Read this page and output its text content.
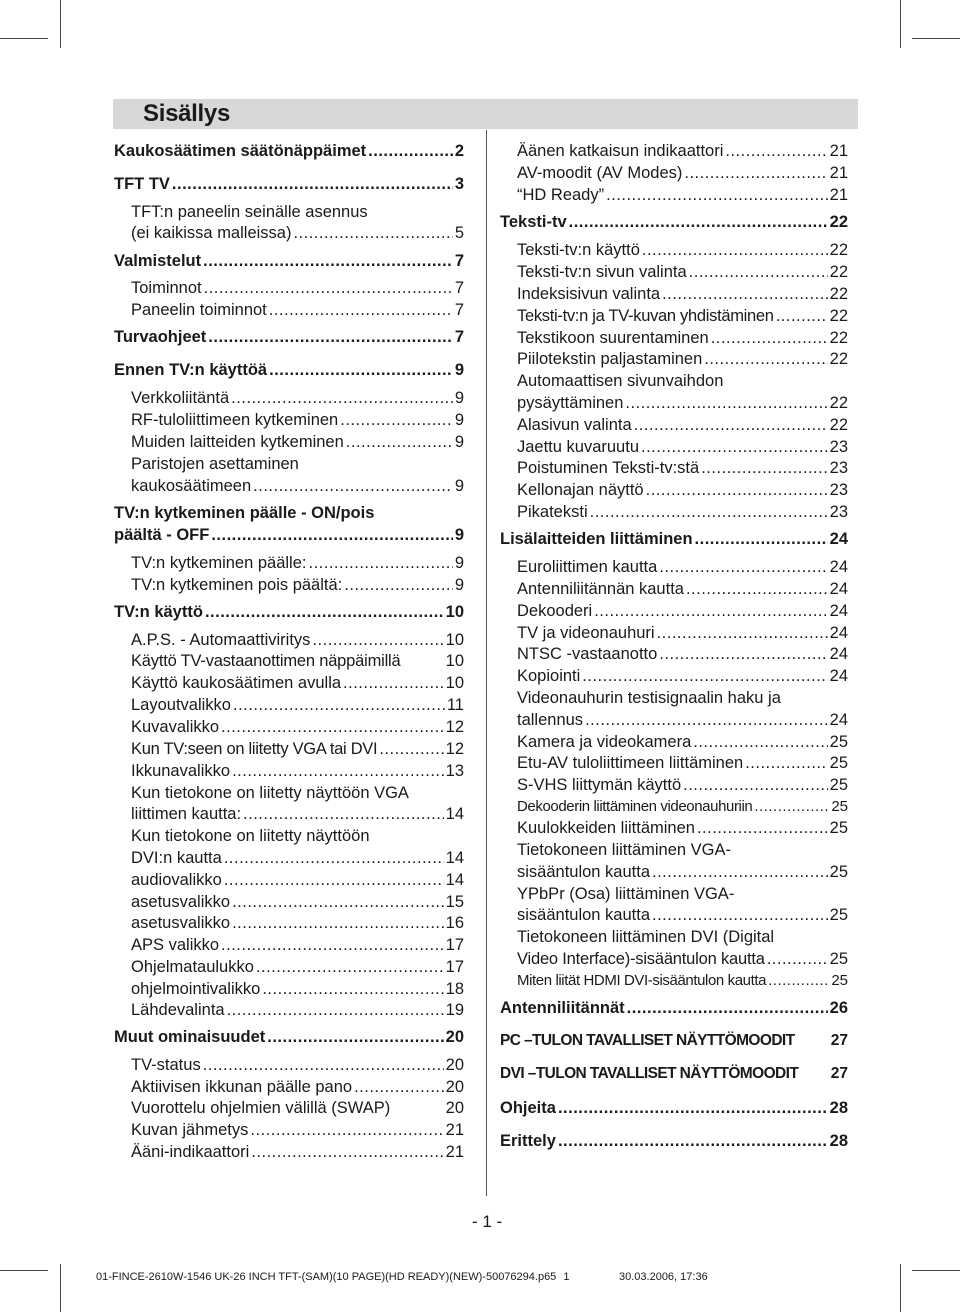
Sisällys
Kaukosäätimen säätönäppäimet .....	2
TFT TV .....	3
TFT:n paneelin seinälle asennus
(ei kaikissa malleissa) .....	5
Valmistelut .....	7
Toiminnot .....	7
Paneelin toiminnot .....	7
Turvaohjeet .....	7
Ennen TV:n käyttöä .....	9
Verkkoliitäntä .....	9
RF-tuloliittimeen kytkeminen .....	9
Muiden laitteiden kytkeminen .....	9
Paristojen asettaminen
kaukosäätimeen .....	9
TV:n kytkeminen päälle - ON/pois
päältä - OFF .....	9
TV:n kytkeminen päälle: .....	9
TV:n kytkeminen pois päältä: .....	9
TV:n käyttö .....	10
A.P.S. - Automaattiviritys .....	10
Käyttö TV-vastaanottimen näppäimillä	10
Käyttö kaukosäätimen avulla .....	10
Layoutvalikko .....	11
Kuvavalikko .....	12
Kun TV:seen on liitetty VGA tai DVI .....	12
Ikkunavalikko .....	13
Kun tietokone on liitetty näyttöön VGA
liittimen kautta: .....	14
Kun tietokone on liitetty näyttöön
DVI:n kautta .....	14
audiovalikko .....	14
asetusvalikko .....	15
asetusvalikko .....	16
APS valikko .....	17
Ohjelmataulukko .....	17
ohjelmointivalikko .....	18
Lähdevalinta .....	19
Muut ominaisuudet .....	20
TV-status .....	20
Aktiivisen ikkunan päälle pano .....	20
Vuorottelu ohjelmien välillä (SWAP)	20
Kuvan jähmetys .....	21
Ääni-indikaattori .....	21
Äänen katkaisun indikaattori .....	21
AV-moodit (AV Modes) .....	21
“HD Ready” .....	21
Teksti-tv .....	22
Teksti-tv:n käyttö .....	22
Teksti-tv:n sivun valinta .....	22
Indeksisivun valinta .....	22
Teksti-tv:n ja TV-kuvan yhdistäminen .....	22
Tekstikoon suurentaminen .....	22
Piilotekstin paljastaminen .....	22
Automaattisen sivunvaihdon
pysäyttäminen .....	22
Alasivun valinta .....	22
Jaettu kuvaruutu .....	23
Poistuminen Teksti-tv:stä .....	23
Kellonajan näyttö .....	23
Pikateksti .....	23
Lisälaitteiden liittäminen .....	24
Euroliittimen kautta .....	24
Antenniliitännän kautta .....	24
Dekooderi .....	24
TV ja videonauhuri .....	24
NTSC -vastaanotto .....	24
Kopiointi .....	24
Videonauhurin testisignaalin haku ja
tallennus .....	24
Kamera ja videokamera .....	25
Etu-AV tuloliittimeen liittäminen .....	25
S-VHS liittymän käyttö .....	25
Dekooderin liittäminen videonauhuriin .....	25
Kuulokkeiden liittäminen .....	25
Tietokoneen liittäminen VGA-
sisääntulon kautta .....	25
YPbPr (Osa) liittäminen VGA-
sisääntulon kautta .....	25
Tietokoneen liittäminen DVI (Digital
Video Interface)-sisääntulon kautta .....	25
Miten liität HDMI DVI-sisääntulon kautta .....	25
Antenniliitännät .....	26
PC –TULON TAVALLISET NÄYTTÖMOODIT 27
DVI –TULON TAVALLISET NÄYTTÖMOODIT 27
Ohjeita .....	28
Erittely .....	28
- 1 -
01-FINCE-2610W-1546 UK-26 INCH TFT-(SAM)(10 PAGE)(HD READY)(NEW)-50076294.p65 1	30.03.2006, 17:36
